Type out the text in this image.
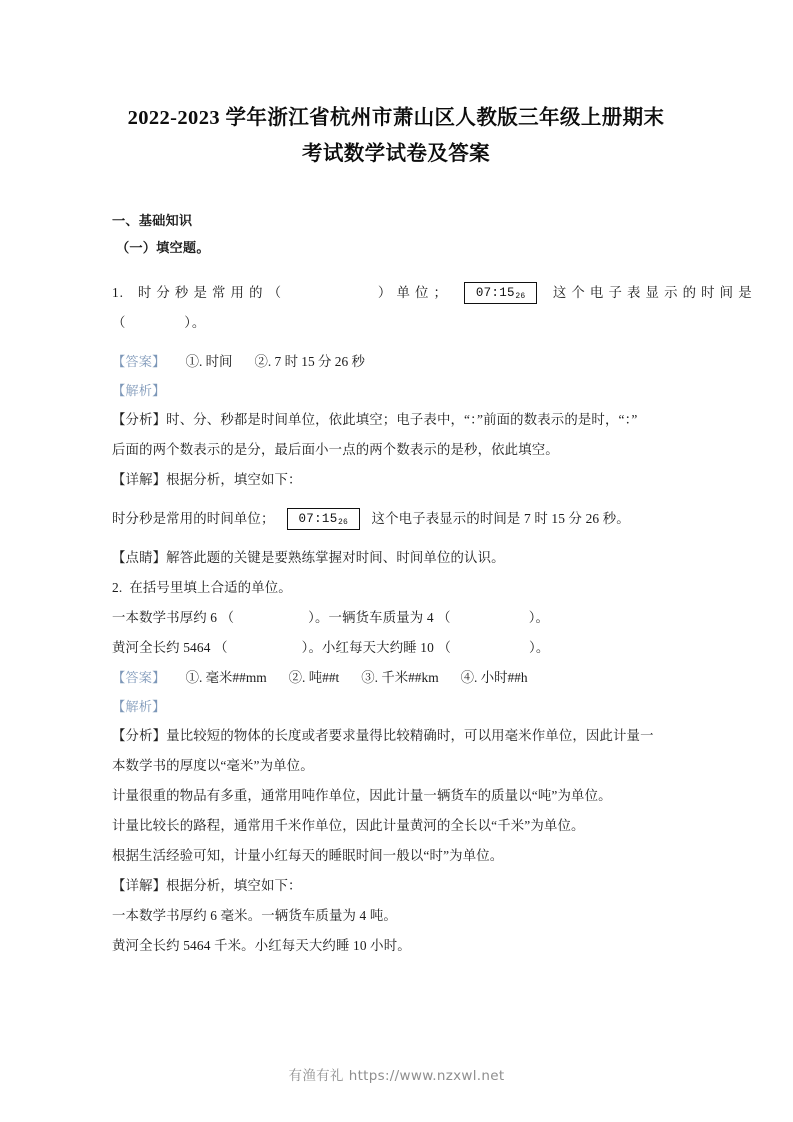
2022-2023 学年浙江省杭州市萧山区人教版三年级上册期末
考试数学试卷及答案

一、基础知识

（一）填空题。

1. 时 分 秒 是 常 用 的 （	） 单 位 ； 07:1526 这 个 电 子 表 显 示 的 时 间 是
（	）。

【答案】 ①. 时间 ②. 7 时 15 分 26 秒

【解析】

【分析】时、分、秒都是时间单位，依此填空；电子表中，“：”前面的数表示的是时，“：”

后面的两个数表示的是分，最后面小一点的两个数表示的是秒，依此填空。

【详解】根据分析，填空如下：

时分秒是常用的时间单位； 07:1526 这个电子表显示的时间是 7 时 15 分 26 秒。

【点睛】解答此题的关键是要熟练掌握对时间、时间单位的认识。

2. 在括号里填上合适的单位。

一本数学书厚约 6 （	）。一辆货车质量为 4 （	）。

黄河全长约 5464 （	）。小红每天大约睡 10 （	）。

【答案】 ①. 毫米##mm ②. 吨##t ③. 千米##km ④. 小时##h

【解析】

【分析】量比较短的物体的长度或者要求量得比较精确时，可以用毫米作单位，因此计量一

本数学书的厚度以“毫米”为单位。

计量很重的物品有多重，通常用吨作单位，因此计量一辆货车的质量以“吨”为单位。

计量比较长的路程，通常用千米作单位，因此计量黄河的全长以“千米”为单位。

根据生活经验可知，计量小红每天的睡眠时间一般以“时”为单位。

【详解】根据分析，填空如下：

一本数学书厚约 6 毫米。一辆货车质量为 4 吨。

黄河全长约 5464 千米。小红每天大约睡 10 小时。

有渔有礼 https://www.nzxwl.net
